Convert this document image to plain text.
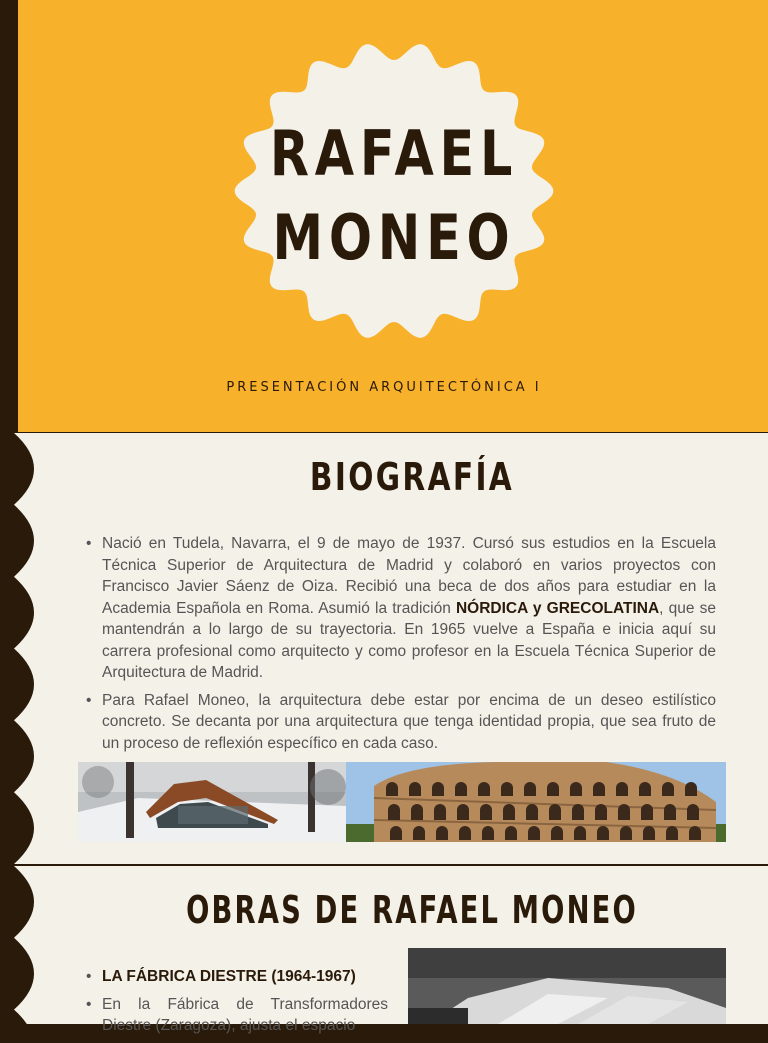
RAFAEL
MONEO
PRESENTACIÓN ARQUITECTÓNICA I
BIOGRAFÍA
• Nació en Tudela, Navarra, el 9 de mayo de 1937. Cursó sus estudios en la Escuela Técnica Superior de Arquitectura de Madrid y colaboró en varios proyectos con Francisco Javier Sáenz de Oiza. Recibió una beca de dos años para estudiar en la Academia Española en Roma. Asumió la tradición NÓRDICA y GRECOLATINA, que se mantendrán a lo largo de su trayectoria. En 1965 vuelve a España e inicia aquí su carrera profesional como arquitecto y como profesor en la Escuela Técnica Superior de Arquitectura de Madrid.
• Para Rafael Moneo, la arquitectura debe estar por encima de un deseo estilístico concreto. Se decanta por una arquitectura que tenga identidad propia, que sea fruto de un proceso de reflexión específico en cada caso.
OBRAS DE RAFAEL MONEO
• LA FÁBRICA DIESTRE (1964-1967)
• En la Fábrica de Transformadores Diestre (Zaragoza), ajusta el espacio
